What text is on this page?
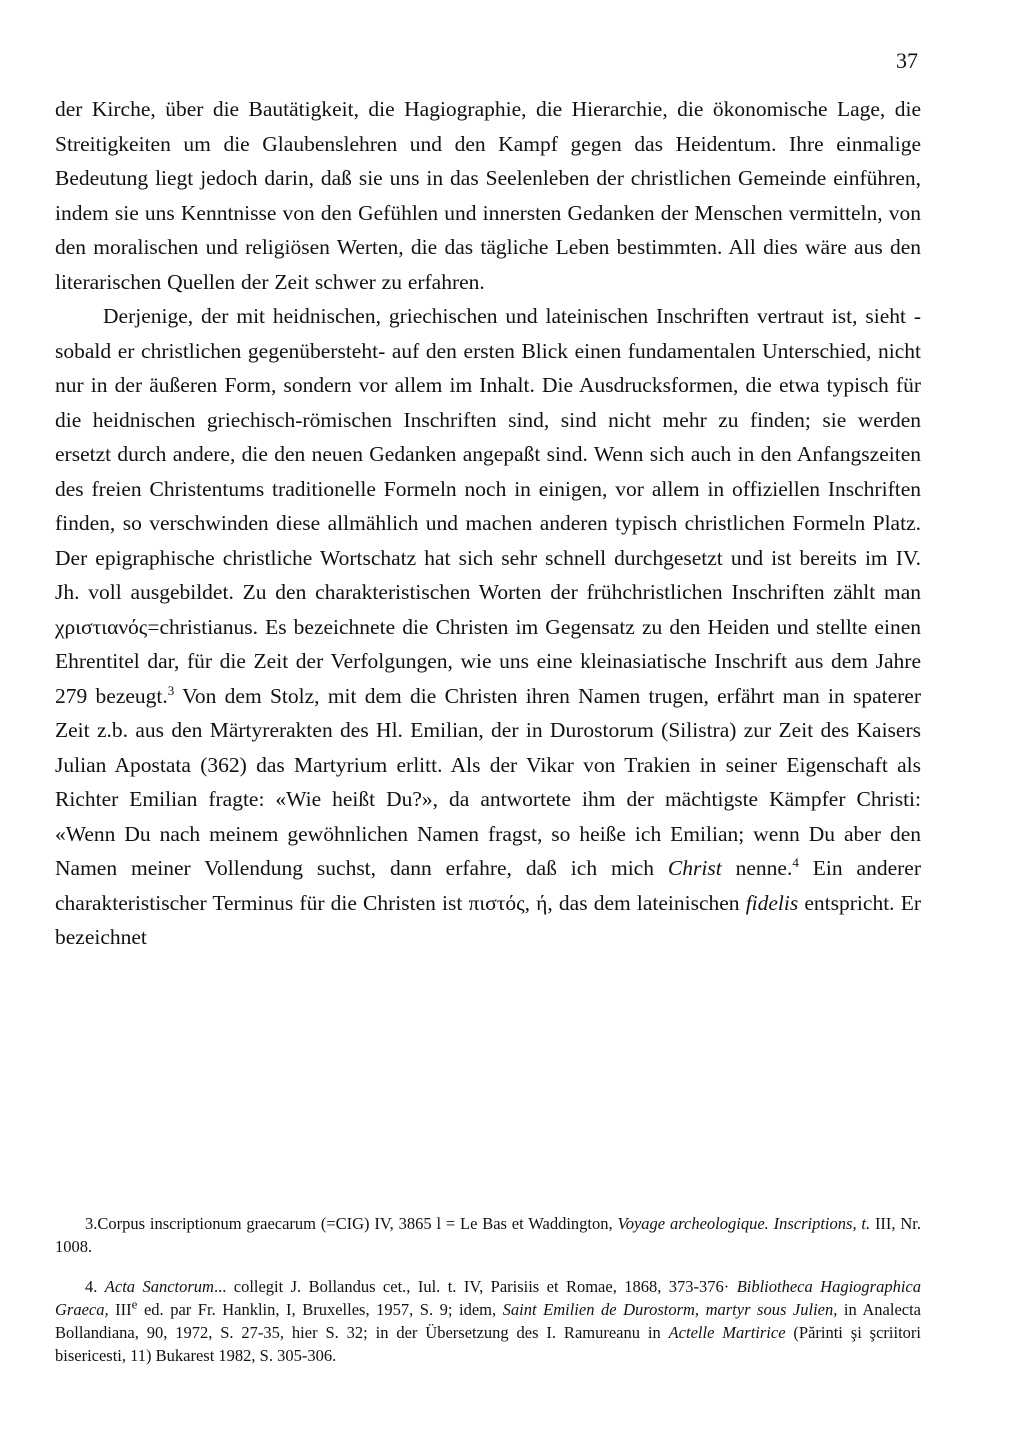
37

der Kirche, über die Bautätigkeit, die Hagiographie, die Hierarchie, die ökonomische Lage, die Streitigkeiten um die Glaubenslehren und den Kampf gegen das Heidentum. Ihre einmalige Bedeutung liegt jedoch darin, daß sie uns in das Seelenleben der christlichen Gemeinde einführen, indem sie uns Kenntnisse von den Gefühlen und innersten Gedanken der Menschen vermitteln, von den moralischen und religiösen Werten, die das tägliche Leben bestimmten. All dies wäre aus den literarischen Quellen der Zeit schwer zu erfahren.

Derjenige, der mit heidnischen, griechischen und lateinischen Inschriften vertraut ist, sieht -sobald er christlichen gegenübersteht- auf den ersten Blick einen fundamentalen Unterschied, nicht nur in der äußeren Form, sondern vor allem im Inhalt. Die Ausdrucksformen, die etwa typisch für die heidnischen griechisch-römischen Inschriften sind, sind nicht mehr zu finden; sie werden ersetzt durch andere, die den neuen Gedanken angepaßt sind. Wenn sich auch in den Anfangszeiten des freien Christentums traditionelle Formeln noch in einigen, vor allem in offiziellen Inschriften finden, so verschwinden diese allmählich und machen anderen typisch christlichen Formeln Platz. Der epigraphische christliche Wortschatz hat sich sehr schnell durchgesetzt und ist bereits im IV. Jh. voll ausgebildet. Zu den charakteristischen Worten der frühchristlichen Inschriften zählt man χριστιανός=christianus. Es bezeichnete die Christen im Gegensatz zu den Heiden und stellte einen Ehrentitel dar, für die Zeit der Verfolgungen, wie uns eine kleinasiatische Inschrift aus dem Jahre 279 bezeugt.$^3$ Von dem Stolz, mit dem die Christen ihren Namen trugen, erfährt man in spaterer Zeit z.b. aus den Märtyrerakten des Hl. Emilian, der in Durostorum (Silistra) zur Zeit des Kaisers Julian Apostata (362) das Martyrium erlitt. Als der Vikar von Trakien in seiner Eigenschaft als Richter Emilian fragte: «Wie heißt Du?», da antwortete ihm der mächtigste Kämpfer Christi: «Wenn Du nach meinem gewöhnlichen Namen fragst, so heiße ich Emilian; wenn Du aber den Namen meiner Vollendung suchst, dann erfahre, daß ich mich Christ nenne.$^4$ Ein anderer charakteristischer Terminus für die Christen ist πιστός, ή, das dem lateinischen fidelis entspricht. Er bezeichnet

3.Corpus inscriptionum graecarum (=CIG) IV, 3865 l = Le Bas et Waddington, Voyage archeologique. Inscriptions, t. III, Nr. 1008.

4. Acta Sanctorum... collegit J. Bollandus cet., Iul. t. IV, Parisiis et Romae, 1868, 373-376· Bibliotheca Hagiographica Graeca, IIIe ed. par Fr. Hanklin, I, Bruxelles, 1957, S. 9; idem, Saint Emilien de Durostorm, martyr sous Julien, in Analecta Bollandiana, 90, 1972, S. 27-35, hier S. 32; in der Übersetzung des I. Ramureanu in Actelle Martirice (Părinti şi şcriitori bisericesti, 11) Bukarest 1982, S. 305-306.
